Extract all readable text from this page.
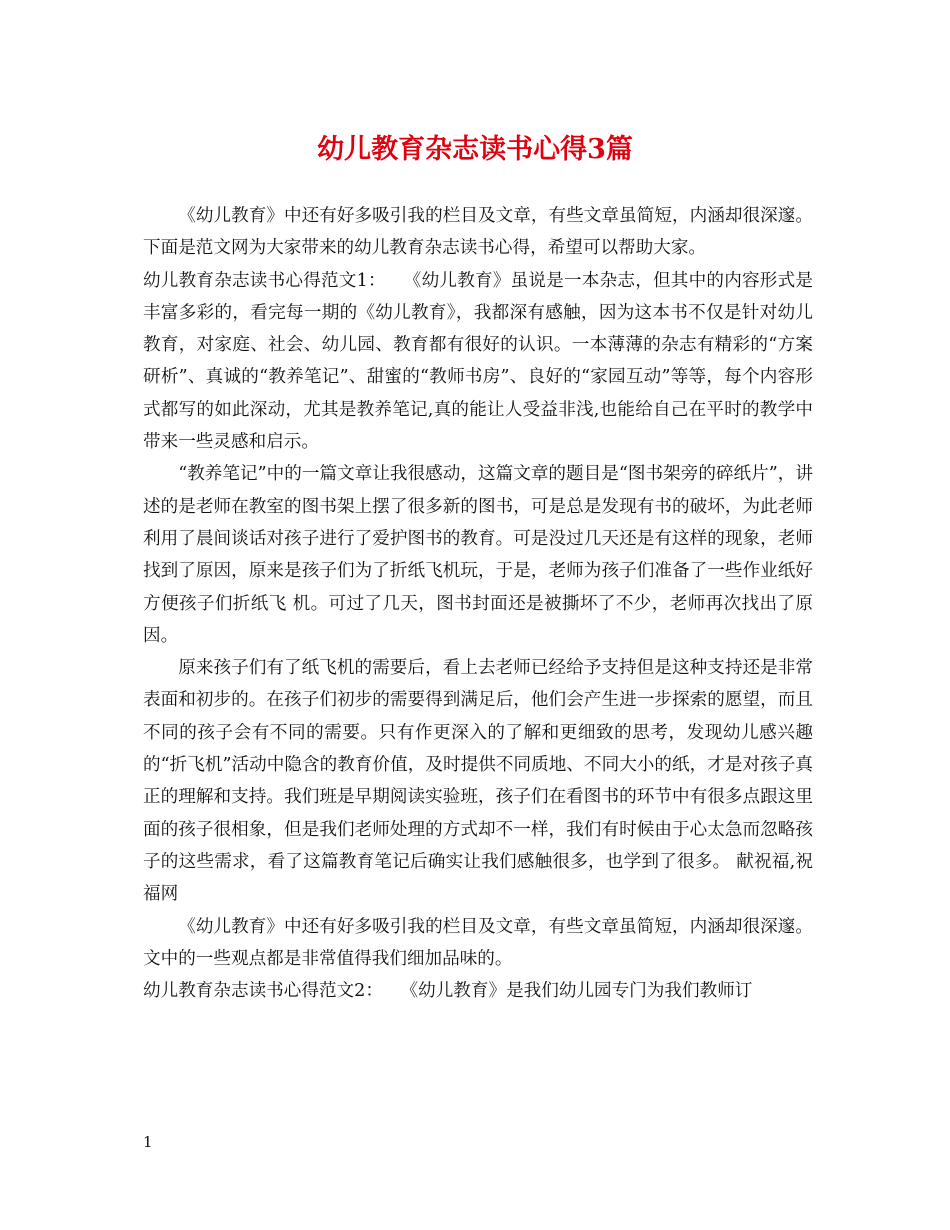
幼儿教育杂志读书心得3篇

《幼儿教育》中还有好多吸引我的栏目及文章，有些文章虽简短，内涵却很深邃。下面是范文网为大家带来的幼儿教育杂志读书心得，希望可以帮助大家。

幼儿教育杂志读书心得范文1：　　《幼儿教育》虽说是一本杂志，但其中的内容形式是丰富多彩的，看完每一期的《幼儿教育》，我都深有感触，因为这本书不仅是针对幼儿教育，对家庭、社会、幼儿园、教育都有很好的认识。一本薄薄的杂志有精彩的“方案研析”、真诚的“教养笔记”、甜蜜的“教师书房”、良好的“家园互动”等等，每个内容形式都写的如此深动，尤其是教养笔记,真的能让人受益非浅,也能给自己在平时的教学中带来一些灵感和启示。

“教养笔记”中的一篇文章让我很感动，这篇文章的题目是“图书架旁的碎纸片”，讲述的是老师在教室的图书架上摆了很多新的图书，可是总是发现有书的破坏，为此老师利用了晨间谈话对孩子进行了爱护图书的教育。可是没过几天还是有这样的现象，老师找到了原因，原来是孩子们为了折纸飞机玩，于是，老师为孩子们准备了一些作业纸好方便孩子们折纸飞 机。可过了几天，图书封面还是被撕坏了不少，老师再次找出了原因。

原来孩子们有了纸飞机的需要后，看上去老师已经给予支持但是这种支持还是非常表面和初步的。在孩子们初步的需要得到满足后，他们会产生进一步探索的愿望，而且不同的孩子会有不同的需要。只有作更深入的了解和更细致的思考，发现幼儿感兴趣的“折飞机”活动中隐含的教育价值，及时提供不同质地、不同大小的纸，才是对孩子真正的理解和支持。我们班是早期阅读实验班，孩子们在看图书的环节中有很多点跟这里面的孩子很相象，但是我们老师处理的方式却不一样，我们有时候由于心太急而忽略孩子的这些需求，看了这篇教育笔记后确实让我们感触很多，也学到了很多。 献祝福,祝福网

《幼儿教育》中还有好多吸引我的栏目及文章，有些文章虽简短，内涵却很深邃。文中的一些观点都是非常值得我们细加品味的。

幼儿教育杂志读书心得范文2：　　《幼儿教育》是我们幼儿园专门为我们教师订

1
